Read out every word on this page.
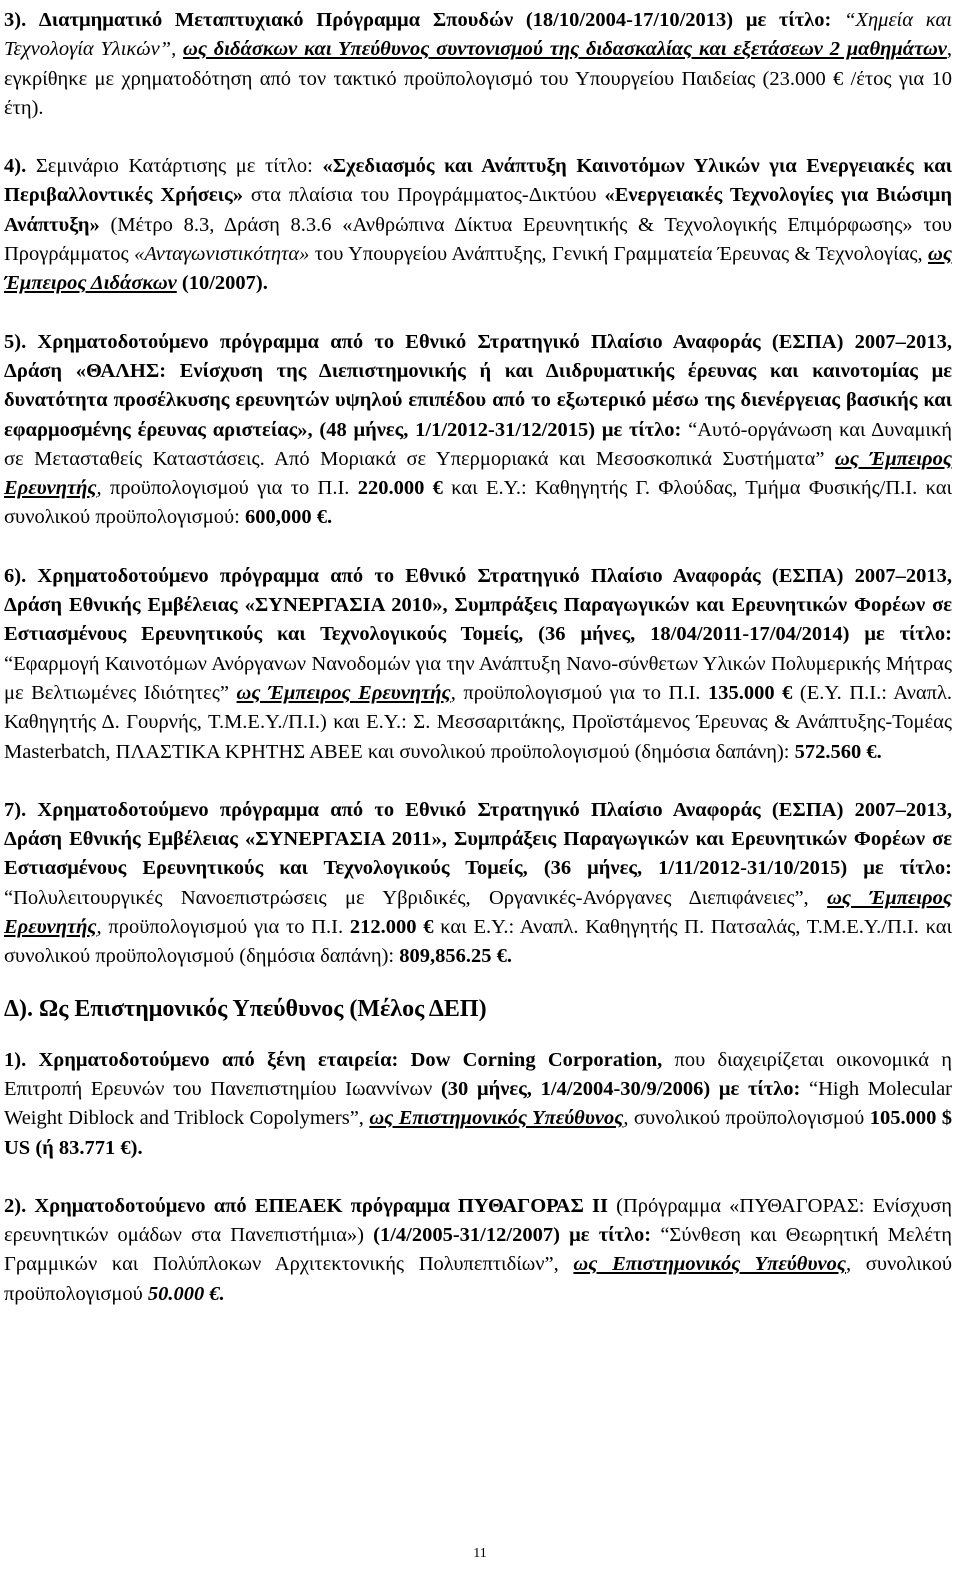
3). Διατμηματικό Μεταπτυχιακό Πρόγραμμα Σπουδών (18/10/2004-17/10/2013) με τίτλο: “Χημεία και Τεχνολογία Υλικών”, ως διδάσκων και Υπεύθυνος συντονισμού της διδασκαλίας και εξετάσεων 2 μαθημάτων, εγκρίθηκε με χρηματοδότηση από τον τακτικό προϋπολογισμό του Υπουργείου Παιδείας (23.000 € /έτος για 10 έτη).

4). Σεμινάριο Κατάρτισης με τίτλο: «Σχεδιασμός και Ανάπτυξη Καινοτόμων Υλικών για Ενεργειακές και Περιβαλλοντικές Χρήσεις» στα πλαίσια του Προγράμματος-Δικτύου «Ενεργειακές Τεχνολογίες για Βιώσιμη Ανάπτυξη» (Μέτρο 8.3, Δράση 8.3.6 «Ανθρώπινα Δίκτυα Ερευνητικής & Τεχνολογικής Επιμόρφωσης» του Προγράμματος «Ανταγωνιστικότητα» του Υπουργείου Ανάπτυξης, Γενική Γραμματεία Έρευνας & Τεχνολογίας, ως Έμπειρος Διδάσκων (10/2007).

5). Χρηματοδοτούμενο πρόγραμμα από το Εθνικό Στρατηγικό Πλαίσιο Αναφοράς (ΕΣΠΑ) 2007–2013, Δράση «ΘΑΛΗΣ: Ενίσχυση της Διεπιστημονικής ή και Διιδρυματικής έρευνας και καινοτομίας με δυνατότητα προσέλκυσης ερευνητών υψηλού επιπέδου από το εξωτερικό μέσω της διενέργειας βασικής και εφαρμοσμένης έρευνας αριστείας», (48 μήνες, 1/1/2012-31/12/2015) με τίτλο: “Αυτό-οργάνωση και Δυναμική σε Μετασταθείς Καταστάσεις. Από Μοριακά σε Υπερμοριακά και Μεσοσκοπικά Συστήματα” ως Έμπειρος Ερευνητής, προϋπολογισμού για το Π.Ι. 220.000 € και Ε.Υ.: Καθηγητής Γ. Φλούδας, Τμήμα Φυσικής/Π.Ι. και συνολικού προϋπολογισμού: 600,000 €.

6). Χρηματοδοτούμενο πρόγραμμα από το Εθνικό Στρατηγικό Πλαίσιο Αναφοράς (ΕΣΠΑ) 2007–2013, Δράση Εθνικής Εμβέλειας «ΣΥΝΕΡΓΑΣΙΑ 2010», Συμπράξεις Παραγωγικών και Ερευνητικών Φορέων σε Εστιασμένους Ερευνητικούς και Τεχνολογικούς Τομείς, (36 μήνες, 18/04/2011-17/04/2014) με τίτλο: “Εφαρμογή Καινοτόμων Ανόργανων Νανοδομών για την Ανάπτυξη Νανο-σύνθετων Υλικών Πολυμερικής Μήτρας με Βελτιωμένες Ιδιότητες” ως Έμπειρος Ερευνητής, προϋπολογισμού για το Π.Ι. 135.000 € (Ε.Υ. Π.Ι.: Αναπλ. Καθηγητής Δ. Γουρνής, Τ.Μ.Ε.Υ./Π.Ι.) και Ε.Υ.: Σ. Μεσσαριτάκης, Προϊστάμενος Έρευνας & Ανάπτυξης-Τομέας Masterbatch, ΠΛΑΣΤΙΚΑ ΚΡΗΤΗΣ ΑΒΕΕ και συνολικού προϋπολογισμού (δημόσια δαπάνη): 572.560 €.

7). Χρηματοδοτούμενο πρόγραμμα από το Εθνικό Στρατηγικό Πλαίσιο Αναφοράς (ΕΣΠΑ) 2007–2013, Δράση Εθνικής Εμβέλειας «ΣΥΝΕΡΓΑΣΙΑ 2011», Συμπράξεις Παραγωγικών και Ερευνητικών Φορέων σε Εστιασμένους Ερευνητικούς και Τεχνολογικούς Τομείς, (36 μήνες, 1/11/2012-31/10/2015) με τίτλο: “Πολυλειτουργικές Νανοεπιστρώσεις με Υβριδικές, Οργανικές-Ανόργανες Διεπιφάνειες”, ως Έμπειρος Ερευνητής, προϋπολογισμού για το Π.Ι. 212.000 € και Ε.Υ.: Αναπλ. Καθηγητής Π. Πατσαλάς, Τ.Μ.Ε.Υ./Π.Ι. και συνολικού προϋπολογισμού (δημόσια δαπάνη): 809,856.25 €.

Δ). Ως Επιστημονικός Υπεύθυνος (Μέλος ΔΕΠ)

1). Χρηματοδοτούμενο από ξένη εταιρεία: Dow Corning Corporation, που διαχειρίζεται οικονομικά η Επιτροπή Ερευνών του Πανεπιστημίου Ιωαννίνων (30 μήνες, 1/4/2004-30/9/2006) με τίτλο: “High Molecular Weight Diblock and Triblock Copolymers”, ως Επιστημονικός Υπεύθυνος, συνολικού προϋπολογισμού 105.000 $ US (ή 83.771 €).

2). Χρηματοδοτούμενο από ΕΠΕΑΕΚ πρόγραμμα ΠΥΘΑΓΟΡΑΣ ΙΙ (Πρόγραμμα «ΠΥΘΑΓΟΡΑΣ: Ενίσχυση ερευνητικών ομάδων στα Πανεπιστήμια») (1/4/2005-31/12/2007) με τίτλο: “Σύνθεση και Θεωρητική Μελέτη Γραμμικών και Πολύπλοκων Αρχιτεκτονικής Πολυπεπτιδίων”, ως Επιστημονικός Υπεύθυνος, συνολικού προϋπολογισμού 50.000 €.

11
